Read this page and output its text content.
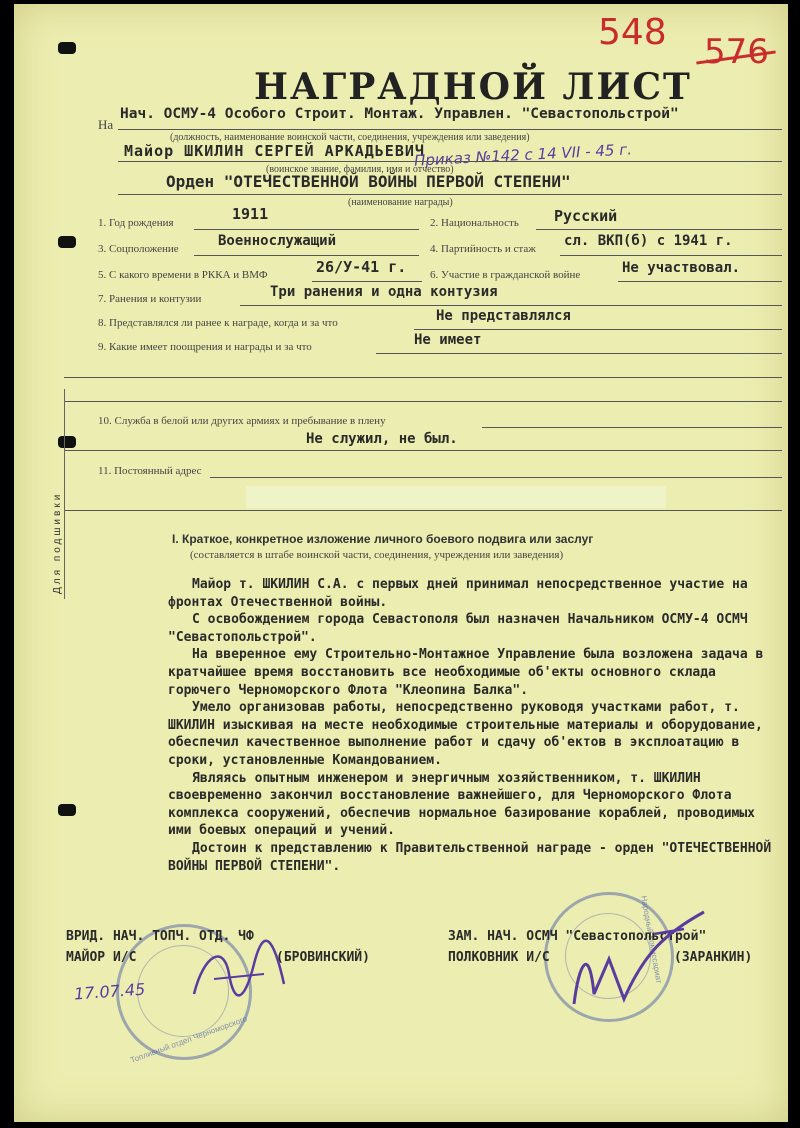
548 576
НАГРАДНОЙ ЛИСТ
На
Нач. ОСМУ-4 Особого Строит. Монтаж. Управлен. "Севастопольстрой"
(должность, наименование воинской части, соединения, учреждения или заведения)
Майор ШКИЛИН СЕРГЕЙ АРКАДЬЕВИЧ
Приказ №142 с 14 VII - 45 г.
(воинское звание, фамилия, имя и отчество)
Орден "ОТЕЧЕСТВЕННОЙ ВОЙНЫ ПЕРВОЙ СТЕПЕНИ"
(наименование награды)
1. Год рождения	1911	2. Национальность Русский
3. Соцположение	Военнослужащий	4. Партийность и стаж сл. ВКП(б) с 1941 г.
5. С какого времени в РККА и ВМФ	26/У-41 г. 6. Участие в гражданской войне	Не участвовал.
7. Ранения и контузии	Три ранения и одна контузия
8. Представлялся ли ранее к награде, когда и за что	Не представлялся
9. Какие имеет поощрения и награды и за что	Не имеет
10. Служба в белой или других армиях и пребывание в плену
Не служил, не был.
11. Постоянный адрес
Для подшивки	I. Краткое, конкретное изложение личного боевого подвига или заслуг
(составляется в штабе воинской части, соединения, учреждения или заведения)

Майор т. ШКИЛИН С.А. с первых дней принимал непосредственное участие на фронтах Отечественной войны.

С освобождением города Севастополя был назначен Начальником ОСМУ-4 ОСМЧ "Севастопольстрой".

На вверенное ему Строительно-Монтажное Управление была возложена задача в кратчайшее время восстановить все необходимые об'екты основного склада горючего Черноморского Флота "Клеопина Балка".

Умело организовав работы, непосредственно руководя участками работ, т. ШКИЛИН изыскивая на месте необходимые строительные материалы и оборудование, обеспечил качественное выполнение работ и сдачу об'ектов в эксплоатацию в сроки, установленные Командованием.

Являясь опытным инженером и энергичным хозяйственником, т. ШКИЛИН своевременно закончил восстановление важнейшего, для Черноморского Флота комплекса сооружений, обеспечив нормальное базирование кораблей, проводимых ими боевых операций и учений.

Достоин к представлению к Правительственной награде - орден "ОТЕЧЕСТВЕННОЙ ВОЙНЫ ПЕРВОЙ СТЕПЕНИ".

Топливный отдел Черноморского
Народный Комиссариат
ВРИД. НАЧ. ТОПЧ. ОТД. ЧФ
МАЙОР И/С	(БРОВИНСКИЙ)
17.07.45
ЗАМ. НАЧ. ОСМЧ "Севастопольстрой"
ПОЛКОВНИК И/С	(ЗАРАНКИН)
